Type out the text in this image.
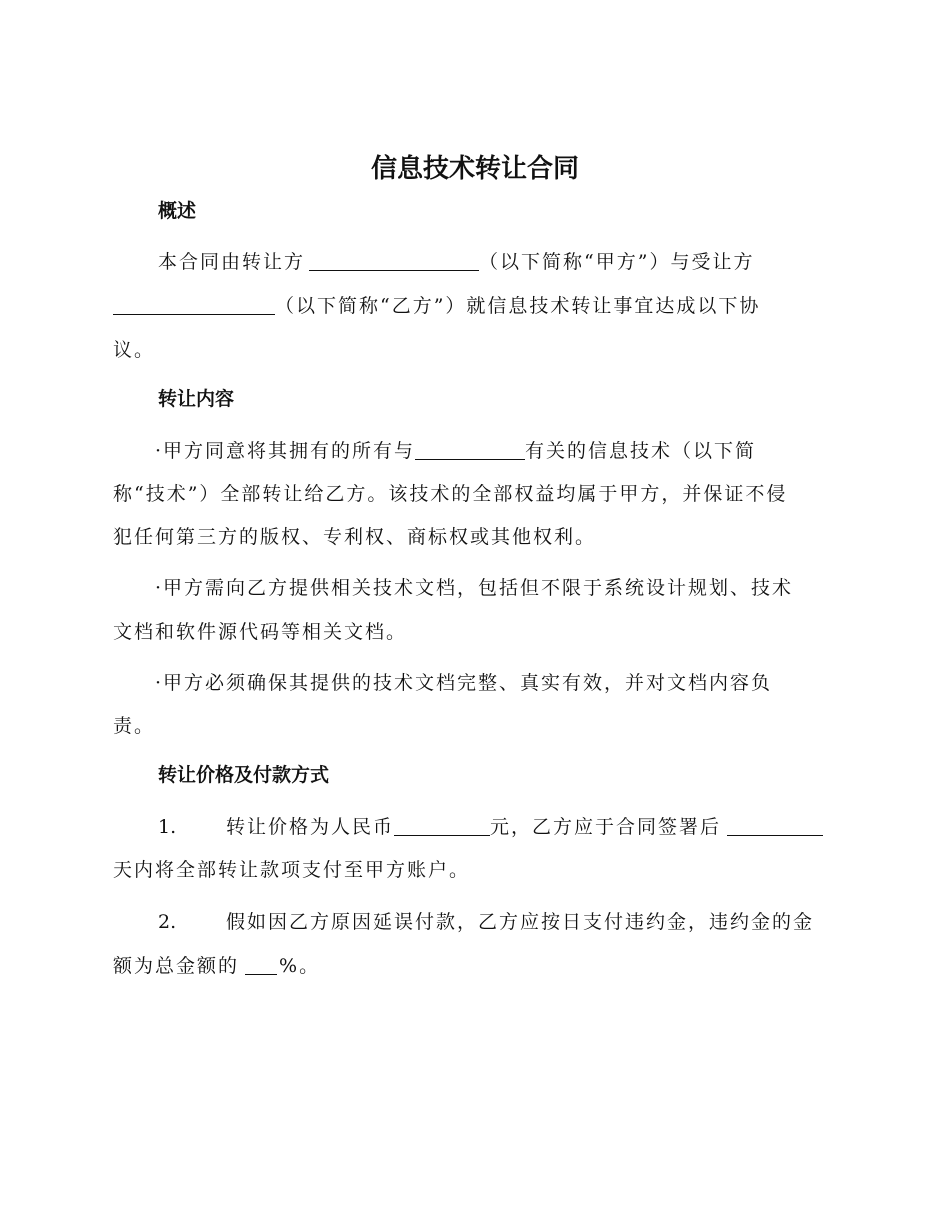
信息技术转让合同
概述

本合同由转让方	（以下简称“甲方”）与受让方

（以下简称“乙方”）就信息技术转让事宜达成以下协

议。

转让内容

·甲方同意将其拥有的所有与	有关的信息技术（以下简

称“技术”）全部转让给乙方。该技术的全部权益均属于甲方，并保证不侵

犯任何第三方的版权、专利权、商标权或其他权利。

·甲方需向乙方提供相关技术文档，包括但不限于系统设计规划、技术

文档和软件源代码等相关文档。

·甲方必须确保其提供的技术文档完整、真实有效，并对文档内容负

责。

转让价格及付款方式

1.	转让价格为人民币	元，乙方应于合同签署后

天内将全部转让款项支付至甲方账户。

2.	假如因乙方原因延误付款，乙方应按日支付违约金，违约金的金

额为总金额的 %。
